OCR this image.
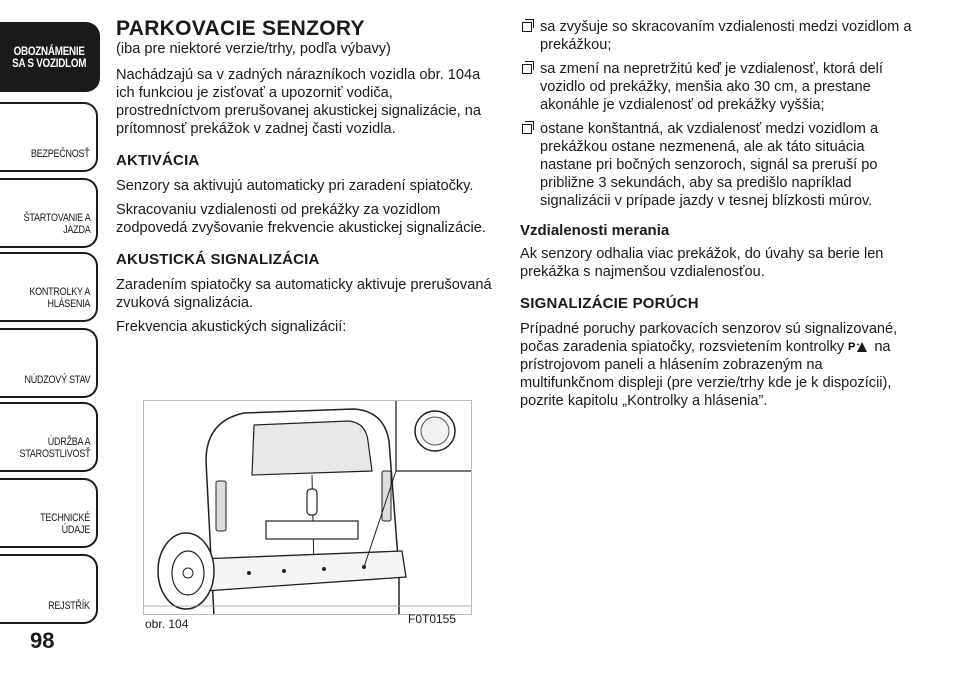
OBOZNÁMENIE
SA S VOZIDLOM
BEZPEČNOSŤ
ŠTARTOVANIE A
JAZDA
KONTROLKY A
HLÁSENIA
NÚDZOVÝ STAV
ÚDRŽBA A
STAROSTLIVOSŤ
TECHNICKÉ ÚDAJE
REJSTŘÍK
98
PARKOVACIE SENZORY

(iba pre niektoré verzie/trhy, podľa výbavy)

Nachádzajú sa v zadných nárazníkoch vozidla obr. 104a ich funkciou je zisťovať a upozorniť vodiča, prostredníctvom prerušovanej akustickej signalizácie, na prítomnosť prekážok v zadnej časti vozidla.

AKTIVÁCIA

Senzory sa aktivujú automaticky pri zaradení spiatočky.

Skracovaniu vzdialenosti od prekážky za vozidlom zodpovedá zvyšovanie frekvencie akustickej signalizácie.

AKUSTICKÁ SIGNALIZÁCIA

Zaradením spiatočky sa automaticky aktivuje prerušovaná zvuková signalizácia.

Frekvencia akustických signalizácií:

obr. 104	F0T0155
sa zvyšuje so skracovaním vzdialenosti medzi vozidlom a prekážkou;
sa zmení na nepretržitú keď je vzdialenosť, ktorá delí vozidlo od prekážky, menšia ako 30 cm, a prestane akonáhle je vzdialenosť od prekážky vyššia;
ostane konštantná, ak vzdialenosť medzi vozidlom a prekážkou ostane nezmenená, ale ak táto situácia nastane pri bočných senzoroch, signál sa preruší po približne 3 sekundách, aby sa predišlo napríklad signalizácii v prípade jazdy v tesnej blízkosti múrov.
Vzdialenosti merania

Ak senzory odhalia viac prekážok, do úvahy sa berie len prekážka s najmenšou vzdialenosťou.

SIGNALIZÁCIE PORÚCH

Prípadné poruchy parkovacích senzorov sú signalizované, počas zaradenia spiatočky, rozsvietením kontrolky P na prístrojovom paneli a hlásením zobrazeným na multifunkčnom displeji (pre verzie/trhy kde je k dispozícii), pozrite kapitolu „Kontrolky a hlásenia”.
